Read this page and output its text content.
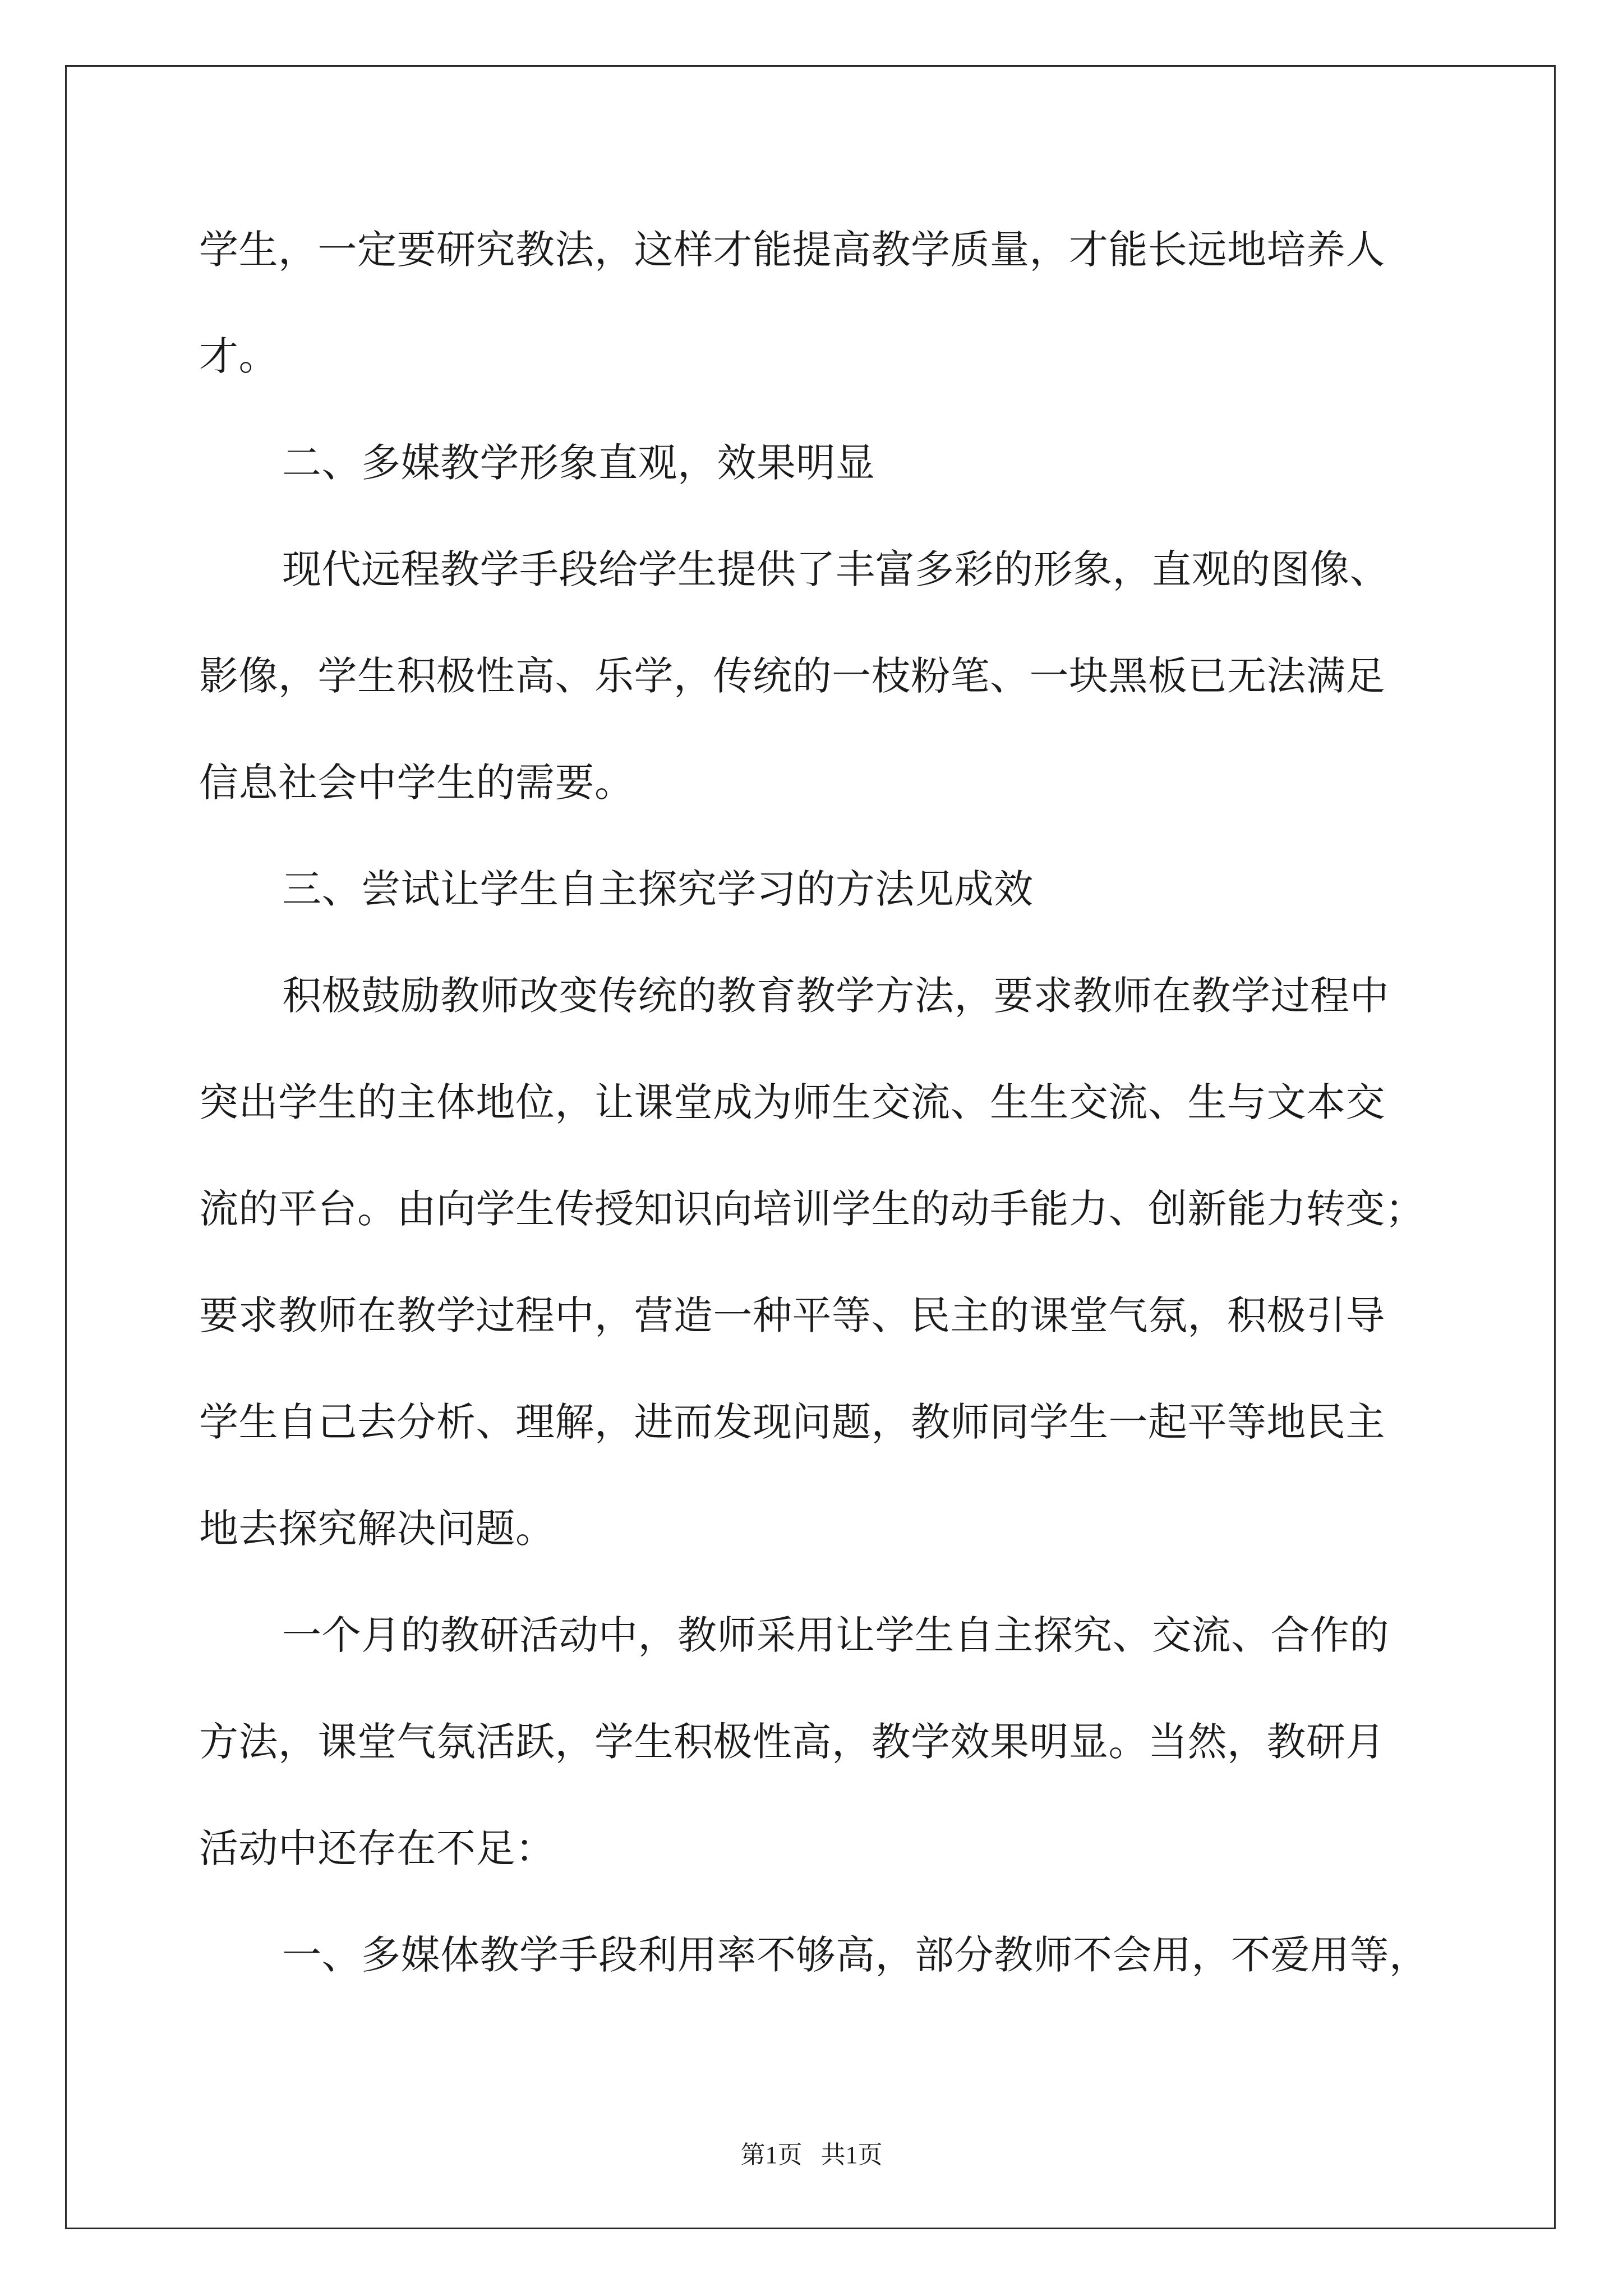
学生，一定要研究教法，这样才能提高教学质量，才能长远地培养人
才。
二、多媒教学形象直观，效果明显
现代远程教学手段给学生提供了丰富多彩的形象，直观的图像、
影像，学生积极性高、乐学，传统的一枝粉笔、一块黑板已无法满足
信息社会中学生的需要。
三、尝试让学生自主探究学习的方法见成效
积极鼓励教师改变传统的教育教学方法，要求教师在教学过程中
突出学生的主体地位，让课堂成为师生交流、生生交流、生与文本交
流的平台。由向学生传授知识向培训学生的动手能力、创新能力转变；
要求教师在教学过程中，营造一种平等、民主的课堂气氛，积极引导
学生自己去分析、理解，进而发现问题，教师同学生一起平等地民主
地去探究解决问题。
一个月的教研活动中，教师采用让学生自主探究、交流、合作的
方法，课堂气氛活跃，学生积极性高，教学效果明显。当然，教研月
活动中还存在不足：
一、多媒体教学手段利用率不够高，部分教师不会用，不爱用等，
第1页   共1页
